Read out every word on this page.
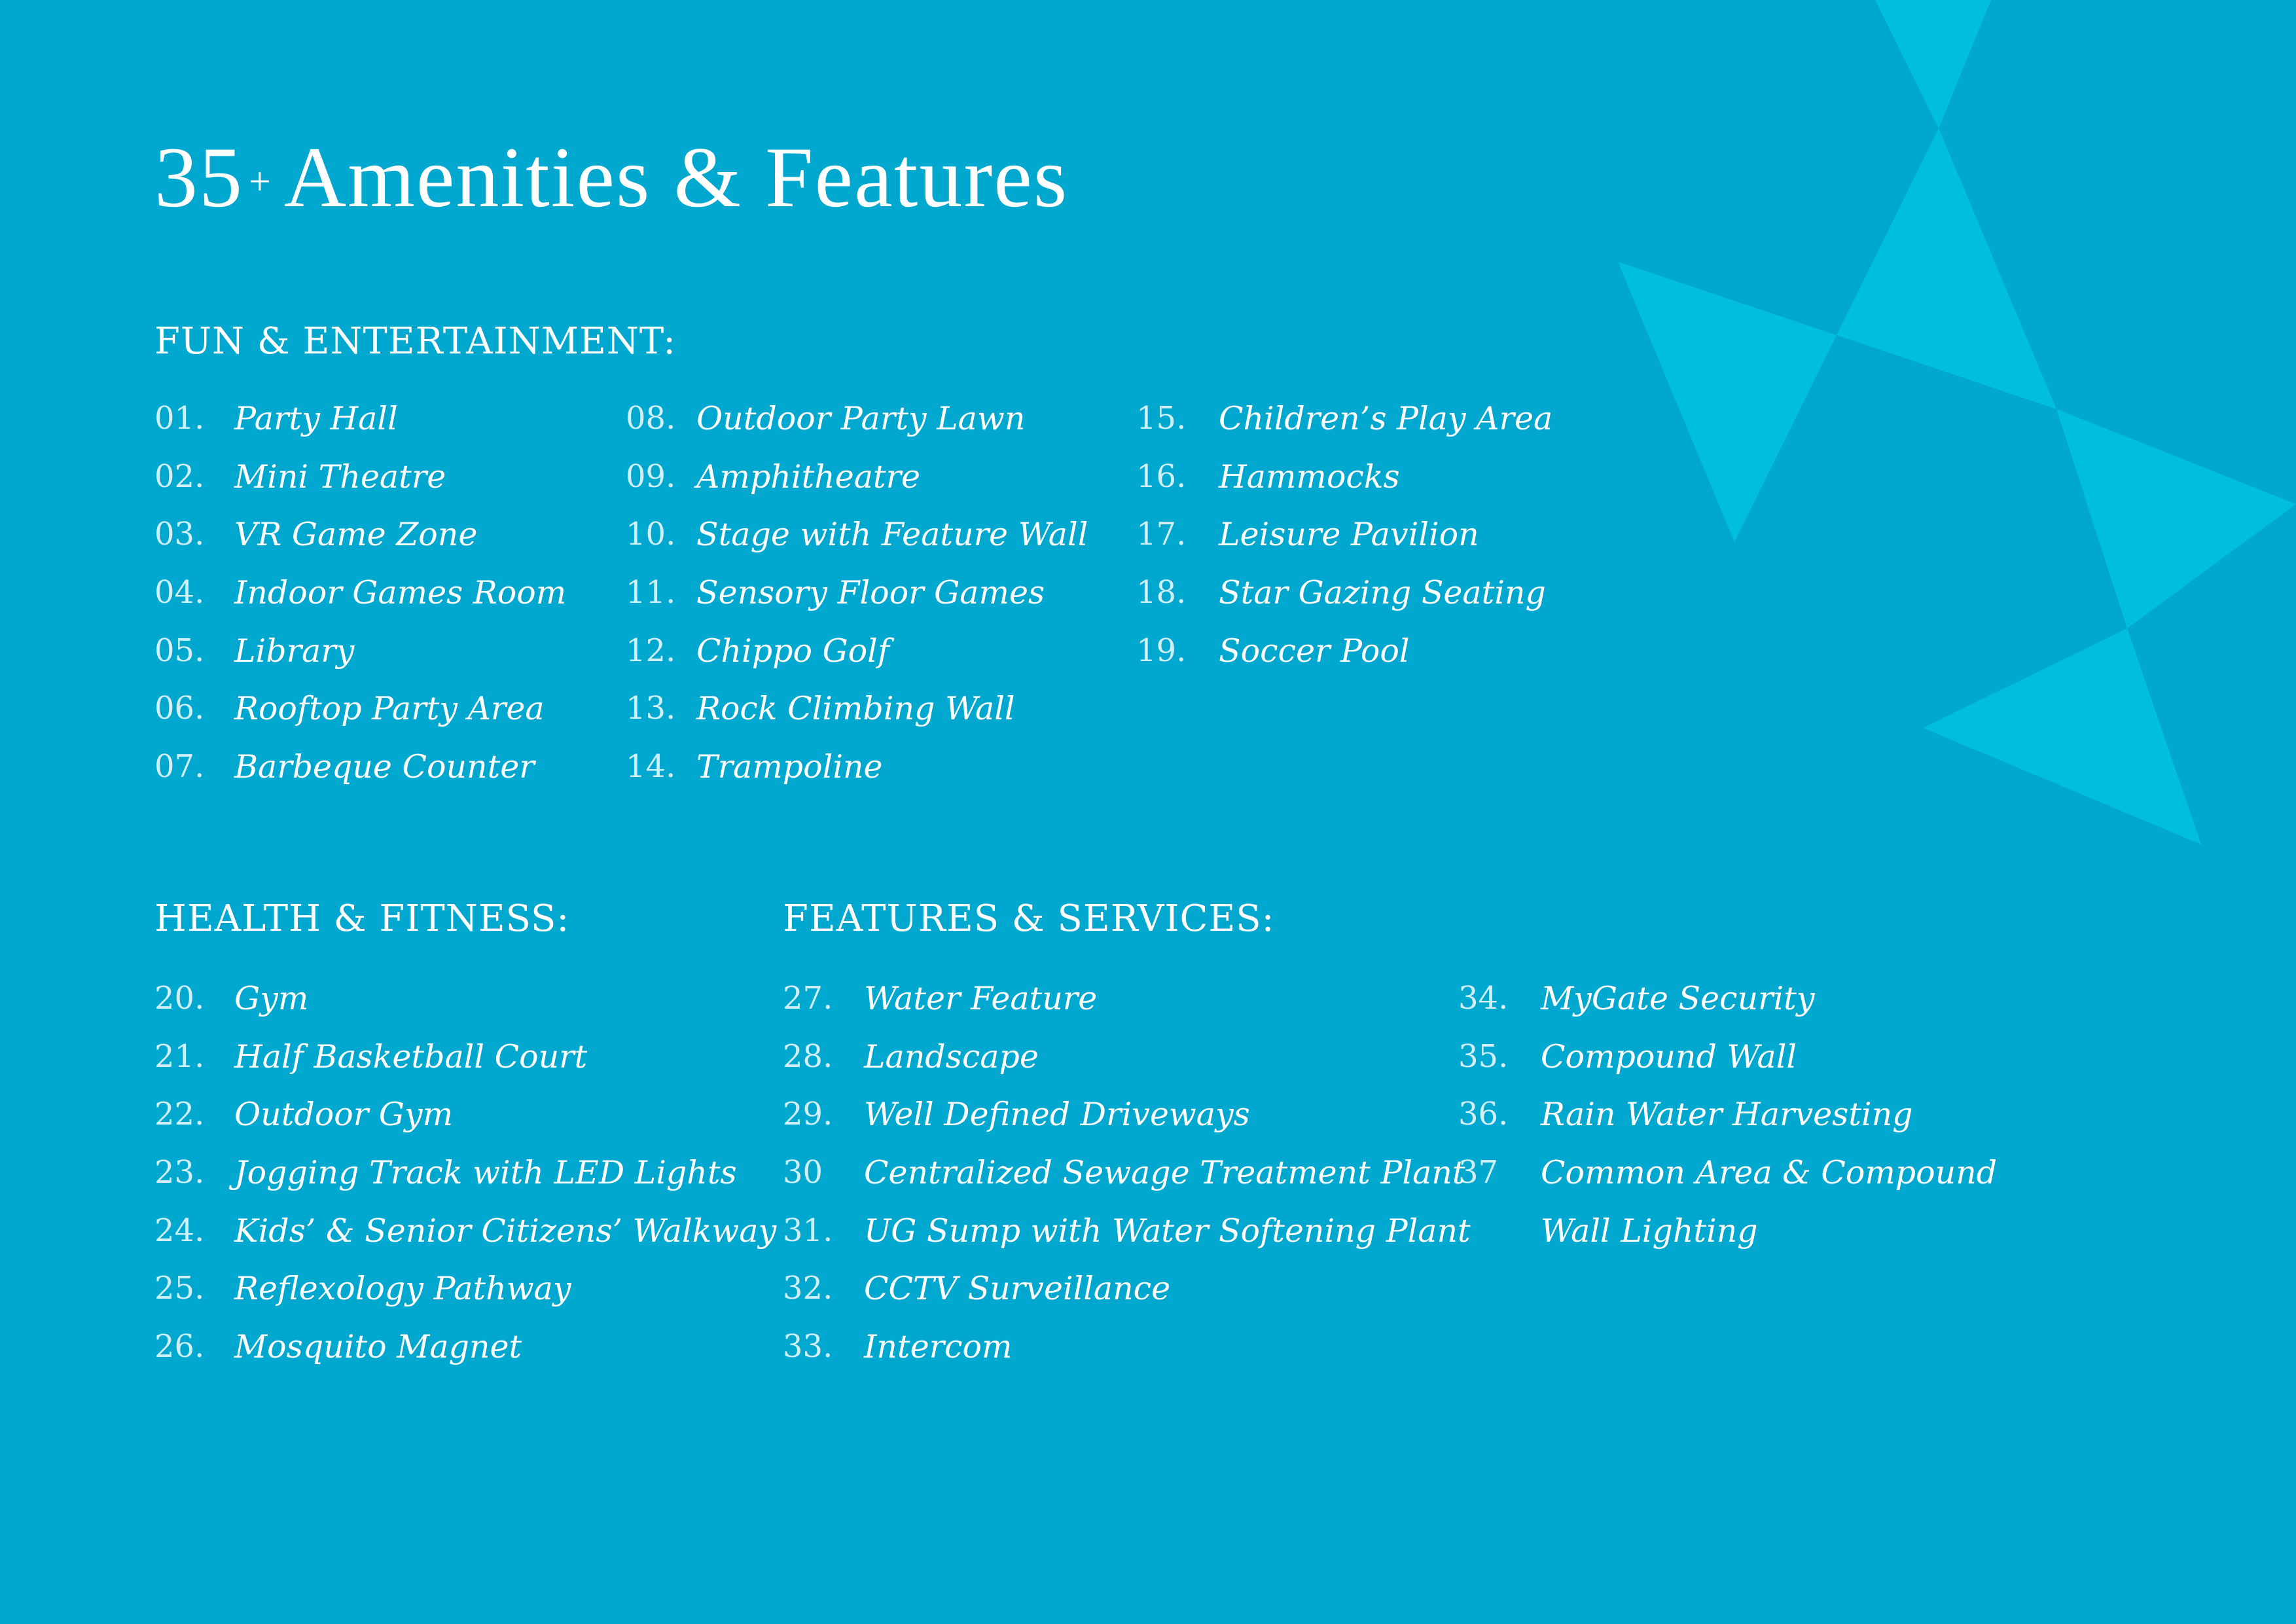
35 + Amenities & Features
FUN & ENTERTAINMENT:
HEALTH & FITNESS:	FEATURES & SERVICES:
01. Party Hall
02. Mini Theatre
03. VR Game Zone
04. Indoor Games Room
05. Library
06. Rooftop Party Area
07. Barbeque Counter
08. Outdoor Party Lawn
09. Amphitheatre
10. Stage with Feature Wall
11. Sensory Floor Games
12. Chippo Golf
13. Rock Climbing Wall
14. Trampoline
15. Children’s Play Area
16. Hammocks
17. Leisure Pavilion
18. Star Gazing Seating
19. Soccer Pool
20. Gym
21. Half Basketball Court
22. Outdoor Gym
23. Jogging Track with LED Lights
24. Kids’ & Senior Citizens’ Walkway
25. Reflexology Pathway
26. Mosquito Magnet
27. Water Feature
28. Landscape
29. Well Defined Driveways
30 Centralized Sewage Treatment Plant
31. UG Sump with Water Softening Plant
32. CCTV Surveillance
33. Intercom
34. MyGate Security
35. Compound Wall
36. Rain Water Harvesting
37 Common Area & Compound Wall Lighting
